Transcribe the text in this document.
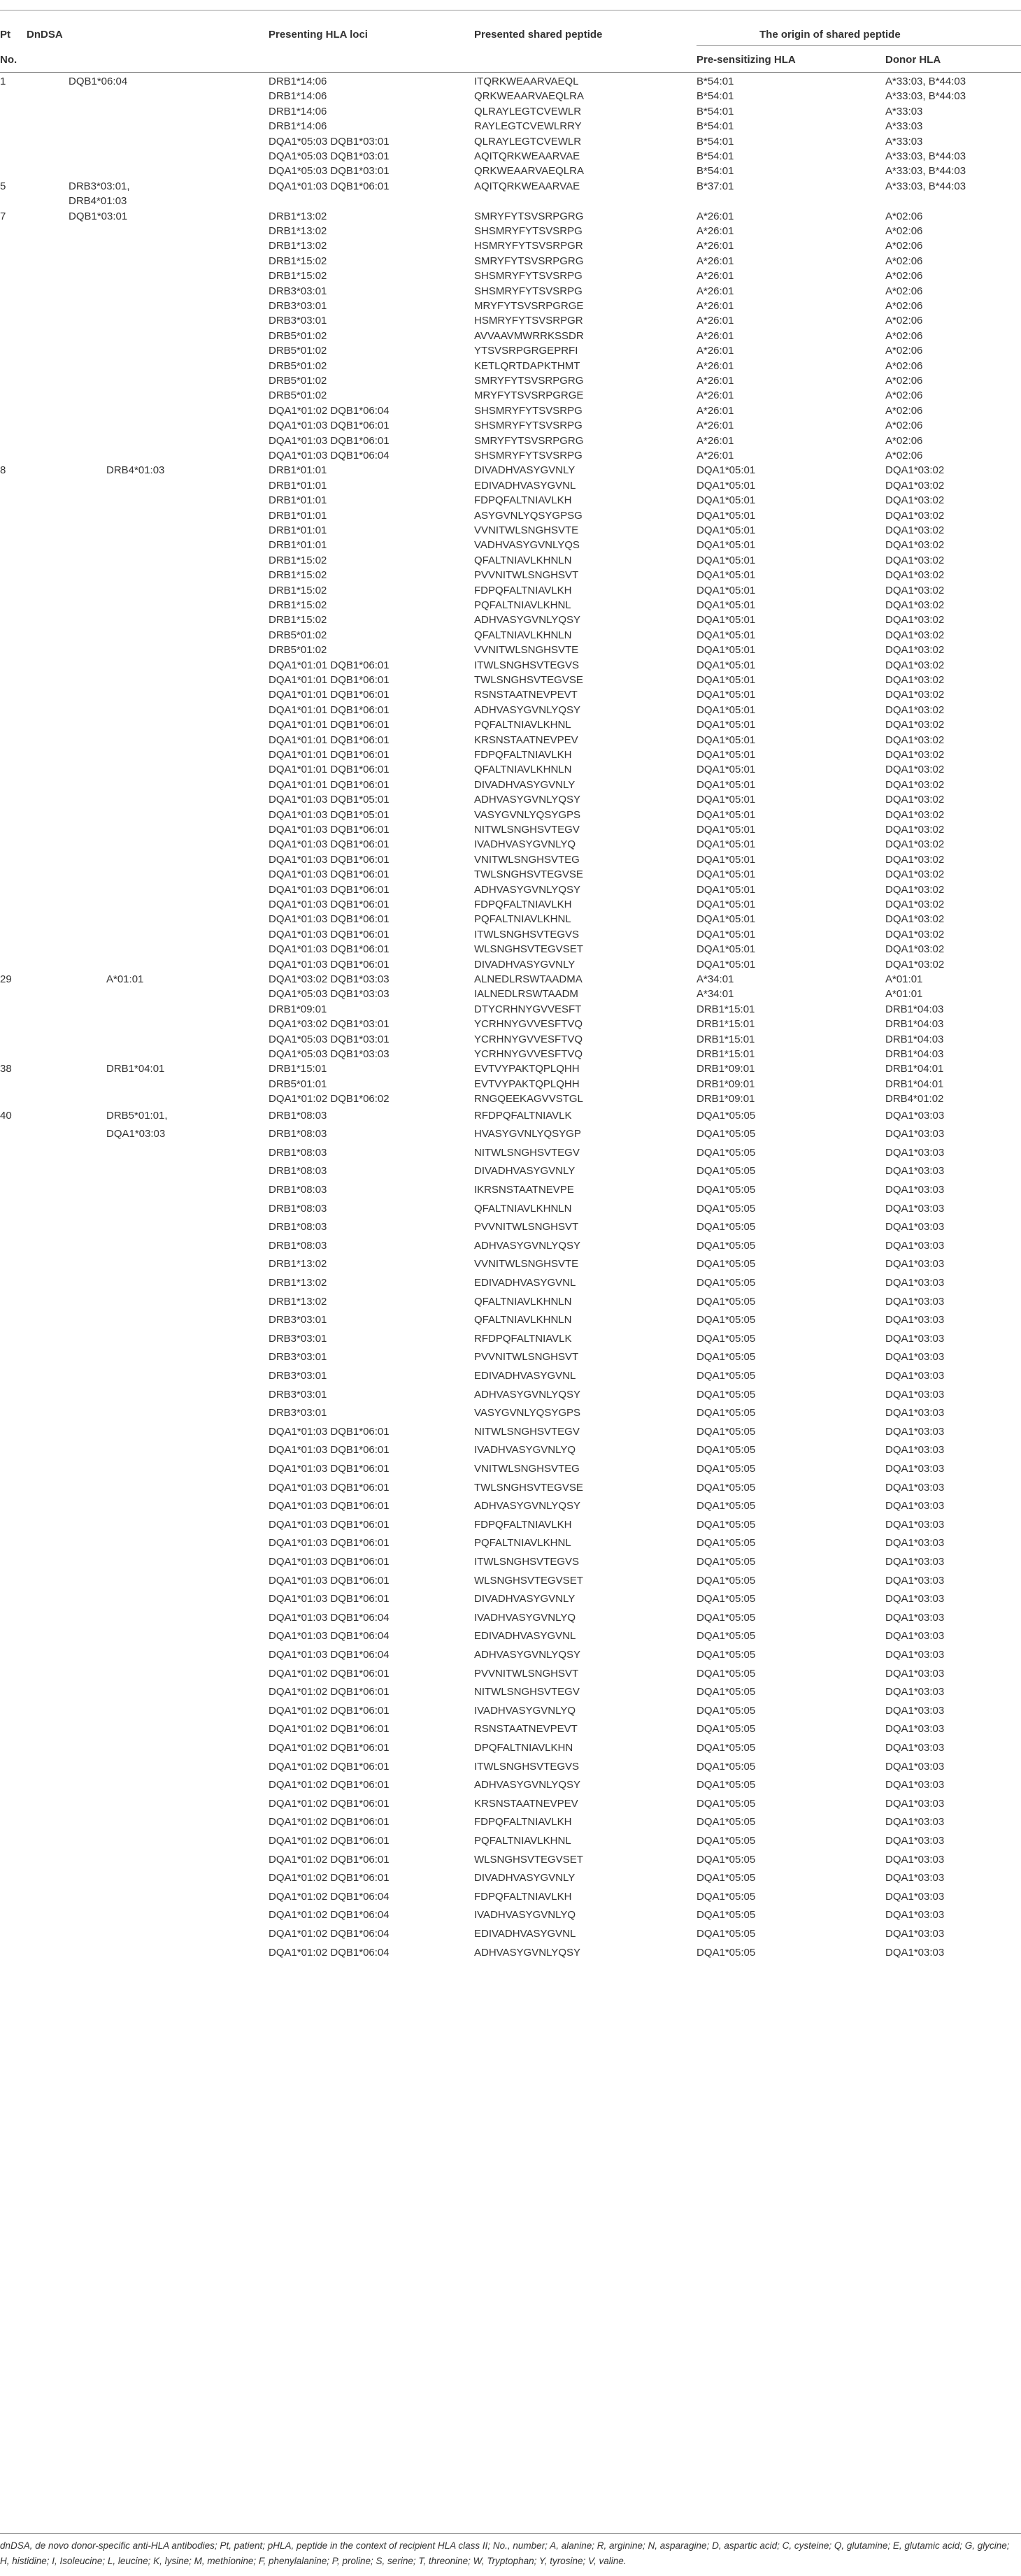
Pt
No.
DnDSA	Presenting HLA loci	Presented shared peptide	The origin of shared peptide
Pre-sensitizing HLA	Donor HLA
1	DQB1*06:04	DRB1*14:06	ITQRKWEAARVAEQL	B*54:01	A*33:03, B*44:03
DRB1*14:06	QRKWEAARVAEQLRA	B*54:01	A*33:03, B*44:03
DRB1*14:06	QLRAYLEGTCVEWLR	B*54:01	A*33:03
DRB1*14:06	RAYLEGTCVEWLRRY	B*54:01	A*33:03
DQA1*05:03 DQB1*03:01	QLRAYLEGTCVEWLR	B*54:01	A*33:03
DQA1*05:03 DQB1*03:01	AQITQRKWEAARVAE	B*54:01	A*33:03, B*44:03
DQA1*05:03 DQB1*03:01	QRKWEAARVAEQLRA	B*54:01	A*33:03, B*44:03
5	DRB3*03:01,	DQA1*01:03 DQB1*06:01	AQITQRKWEAARVAE	B*37:01	A*33:03, B*44:03
DRB4*01:03
7	DQB1*03:01	DRB1*13:02	SMRYFYTSVSRPGRG	A*26:01	A*02:06
DRB1*13:02	SHSMRYFYTSVSRPG	A*26:01	A*02:06
DRB1*13:02	HSMRYFYTSVSRPGR	A*26:01	A*02:06
DRB1*15:02	SMRYFYTSVSRPGRG	A*26:01	A*02:06
DRB1*15:02	SHSMRYFYTSVSRPG	A*26:01	A*02:06
DRB3*03:01	SHSMRYFYTSVSRPG	A*26:01	A*02:06
DRB3*03:01	MRYFYTSVSRPGRGE	A*26:01	A*02:06
DRB3*03:01	HSMRYFYTSVSRPGR	A*26:01	A*02:06
DRB5*01:02	AVVAAVMWRRKSSDR	A*26:01	A*02:06
DRB5*01:02	YTSVSRPGRGEPRFI	A*26:01	A*02:06
DRB5*01:02	KETLQRTDAPKTHMT	A*26:01	A*02:06
DRB5*01:02	SMRYFYTSVSRPGRG	A*26:01	A*02:06
DRB5*01:02	MRYFYTSVSRPGRGE	A*26:01	A*02:06
DQA1*01:02 DQB1*06:04	SHSMRYFYTSVSRPG	A*26:01	A*02:06
DQA1*01:03 DQB1*06:01	SHSMRYFYTSVSRPG	A*26:01	A*02:06
DQA1*01:03 DQB1*06:01	SMRYFYTSVSRPGRG	A*26:01	A*02:06
DQA1*01:03 DQB1*06:04	SHSMRYFYTSVSRPG	A*26:01	A*02:06
8	DRB4*01:03	DRB1*01:01	DIVADHVASYGVNLY	DQA1*05:01	DQA1*03:02
DRB1*01:01	EDIVADHVASYGVNL	DQA1*05:01	DQA1*03:02
DRB1*01:01	FDPQFALTNIAVLKH	DQA1*05:01	DQA1*03:02
DRB1*01:01	ASYGVNLYQSYGPSG	DQA1*05:01	DQA1*03:02
DRB1*01:01	VVNITWLSNGHSVTE	DQA1*05:01	DQA1*03:02
DRB1*01:01	VADHVASYGVNLYQS	DQA1*05:01	DQA1*03:02
DRB1*15:02	QFALTNIAVLKHNLN	DQA1*05:01	DQA1*03:02
DRB1*15:02	PVVNITWLSNGHSVT	DQA1*05:01	DQA1*03:02
DRB1*15:02	FDPQFALTNIAVLKH	DQA1*05:01	DQA1*03:02
DRB1*15:02	PQFALTNIAVLKHNL	DQA1*05:01	DQA1*03:02
DRB1*15:02	ADHVASYGVNLYQSY	DQA1*05:01	DQA1*03:02
DRB5*01:02	QFALTNIAVLKHNLN	DQA1*05:01	DQA1*03:02
DRB5*01:02	VVNITWLSNGHSVTE	DQA1*05:01	DQA1*03:02
DQA1*01:01 DQB1*06:01	ITWLSNGHSVTEGVS	DQA1*05:01	DQA1*03:02
DQA1*01:01 DQB1*06:01	TWLSNGHSVTEGVSE	DQA1*05:01	DQA1*03:02
DQA1*01:01 DQB1*06:01	RSNSTAATNEVPEVT	DQA1*05:01	DQA1*03:02
DQA1*01:01 DQB1*06:01	ADHVASYGVNLYQSY	DQA1*05:01	DQA1*03:02
DQA1*01:01 DQB1*06:01	PQFALTNIAVLKHNL	DQA1*05:01	DQA1*03:02
DQA1*01:01 DQB1*06:01	KRSNSTAATNEVPEV	DQA1*05:01	DQA1*03:02
DQA1*01:01 DQB1*06:01	FDPQFALTNIAVLKH	DQA1*05:01	DQA1*03:02
DQA1*01:01 DQB1*06:01	QFALTNIAVLKHNLN	DQA1*05:01	DQA1*03:02
DQA1*01:01 DQB1*06:01	DIVADHVASYGVNLY	DQA1*05:01	DQA1*03:02
DQA1*01:03 DQB1*05:01	ADHVASYGVNLYQSY	DQA1*05:01	DQA1*03:02
DQA1*01:03 DQB1*05:01	VASYGVNLYQSYGPS	DQA1*05:01	DQA1*03:02
DQA1*01:03 DQB1*06:01	NITWLSNGHSVTEGV	DQA1*05:01	DQA1*03:02
DQA1*01:03 DQB1*06:01	IVADHVASYGVNLYQ	DQA1*05:01	DQA1*03:02
DQA1*01:03 DQB1*06:01	VNITWLSNGHSVTEG	DQA1*05:01	DQA1*03:02
DQA1*01:03 DQB1*06:01	TWLSNGHSVTEGVSE	DQA1*05:01	DQA1*03:02
DQA1*01:03 DQB1*06:01	ADHVASYGVNLYQSY	DQA1*05:01	DQA1*03:02
DQA1*01:03 DQB1*06:01	FDPQFALTNIAVLKH	DQA1*05:01	DQA1*03:02
DQA1*01:03 DQB1*06:01	PQFALTNIAVLKHNL	DQA1*05:01	DQA1*03:02
DQA1*01:03 DQB1*06:01	ITWLSNGHSVTEGVS	DQA1*05:01	DQA1*03:02
DQA1*01:03 DQB1*06:01	WLSNGHSVTEGVSET	DQA1*05:01	DQA1*03:02
DQA1*01:03 DQB1*06:01	DIVADHVASYGVNLY	DQA1*05:01	DQA1*03:02
29	A*01:01	DQA1*03:02 DQB1*03:03	ALNEDLRSWTAADMA	A*34:01	A*01:01
DQA1*05:03 DQB1*03:03	IALNEDLRSWTAADM	A*34:01	A*01:01
DRB1*09:01	DTYCRHNYGVVESFT	DRB1*15:01	DRB1*04:03
DQA1*03:02 DQB1*03:01	YCRHNYGVVESFTVQ	DRB1*15:01	DRB1*04:03
DQA1*05:03 DQB1*03:01	YCRHNYGVVESFTVQ	DRB1*15:01	DRB1*04:03
DQA1*05:03 DQB1*03:03	YCRHNYGVVESFTVQ	DRB1*15:01	DRB1*04:03
38	DRB1*04:01	DRB1*15:01	EVTVYPAKTQPLQHH	DRB1*09:01	DRB1*04:01
DRB5*01:01	EVTVYPAKTQPLQHH	DRB1*09:01	DRB1*04:01
DQA1*01:02 DQB1*06:02	RNGQEEKAGVVSTGL	DRB1*09:01	DRB4*01:02
40	DRB5*01:01,	DRB1*08:03	RFDPQFALTNIAVLK	DQA1*05:05	DQA1*03:03
DQA1*03:03	DRB1*08:03	HVASYGVNLYQSYGP	DQA1*05:05	DQA1*03:03
DRB1*08:03	NITWLSNGHSVTEGV	DQA1*05:05	DQA1*03:03
DRB1*08:03	DIVADHVASYGVNLY	DQA1*05:05	DQA1*03:03
DRB1*08:03	IKRSNSTAATNEVPE	DQA1*05:05	DQA1*03:03
DRB1*08:03	QFALTNIAVLKHNLN	DQA1*05:05	DQA1*03:03
DRB1*08:03	PVVNITWLSNGHSVT	DQA1*05:05	DQA1*03:03
DRB1*08:03	ADHVASYGVNLYQSY	DQA1*05:05	DQA1*03:03
DRB1*13:02	VVNITWLSNGHSVTE	DQA1*05:05	DQA1*03:03
DRB1*13:02	EDIVADHVASYGVNL	DQA1*05:05	DQA1*03:03
DRB1*13:02	QFALTNIAVLKHNLN	DQA1*05:05	DQA1*03:03
DRB3*03:01	QFALTNIAVLKHNLN	DQA1*05:05	DQA1*03:03
DRB3*03:01	RFDPQFALTNIAVLK	DQA1*05:05	DQA1*03:03
DRB3*03:01	PVVNITWLSNGHSVT	DQA1*05:05	DQA1*03:03
DRB3*03:01	EDIVADHVASYGVNL	DQA1*05:05	DQA1*03:03
DRB3*03:01	ADHVASYGVNLYQSY	DQA1*05:05	DQA1*03:03
DRB3*03:01	VASYGVNLYQSYGPS	DQA1*05:05	DQA1*03:03
DQA1*01:03 DQB1*06:01	NITWLSNGHSVTEGV	DQA1*05:05	DQA1*03:03
DQA1*01:03 DQB1*06:01	IVADHVASYGVNLYQ	DQA1*05:05	DQA1*03:03
DQA1*01:03 DQB1*06:01	VNITWLSNGHSVTEG	DQA1*05:05	DQA1*03:03
DQA1*01:03 DQB1*06:01	TWLSNGHSVTEGVSE	DQA1*05:05	DQA1*03:03
DQA1*01:03 DQB1*06:01	ADHVASYGVNLYQSY	DQA1*05:05	DQA1*03:03
DQA1*01:03 DQB1*06:01	FDPQFALTNIAVLKH	DQA1*05:05	DQA1*03:03
DQA1*01:03 DQB1*06:01	PQFALTNIAVLKHNL	DQA1*05:05	DQA1*03:03
DQA1*01:03 DQB1*06:01	ITWLSNGHSVTEGVS	DQA1*05:05	DQA1*03:03
DQA1*01:03 DQB1*06:01	WLSNGHSVTEGVSET	DQA1*05:05	DQA1*03:03
DQA1*01:03 DQB1*06:01	DIVADHVASYGVNLY	DQA1*05:05	DQA1*03:03
DQA1*01:03 DQB1*06:04	IVADHVASYGVNLYQ	DQA1*05:05	DQA1*03:03
DQA1*01:03 DQB1*06:04	EDIVADHVASYGVNL	DQA1*05:05	DQA1*03:03
DQA1*01:03 DQB1*06:04	ADHVASYGVNLYQSY	DQA1*05:05	DQA1*03:03
DQA1*01:02 DQB1*06:01	PVVNITWLSNGHSVT	DQA1*05:05	DQA1*03:03
DQA1*01:02 DQB1*06:01	NITWLSNGHSVTEGV	DQA1*05:05	DQA1*03:03
DQA1*01:02 DQB1*06:01	IVADHVASYGVNLYQ	DQA1*05:05	DQA1*03:03
DQA1*01:02 DQB1*06:01	RSNSTAATNEVPEVT	DQA1*05:05	DQA1*03:03
DQA1*01:02 DQB1*06:01	DPQFALTNIAVLKHN	DQA1*05:05	DQA1*03:03
DQA1*01:02 DQB1*06:01	ITWLSNGHSVTEGVS	DQA1*05:05	DQA1*03:03
DQA1*01:02 DQB1*06:01	ADHVASYGVNLYQSY	DQA1*05:05	DQA1*03:03
DQA1*01:02 DQB1*06:01	KRSNSTAATNEVPEV	DQA1*05:05	DQA1*03:03
DQA1*01:02 DQB1*06:01	FDPQFALTNIAVLKH	DQA1*05:05	DQA1*03:03
DQA1*01:02 DQB1*06:01	PQFALTNIAVLKHNL	DQA1*05:05	DQA1*03:03
DQA1*01:02 DQB1*06:01	WLSNGHSVTEGVSET	DQA1*05:05	DQA1*03:03
DQA1*01:02 DQB1*06:01	DIVADHVASYGVNLY	DQA1*05:05	DQA1*03:03
DQA1*01:02 DQB1*06:04	FDPQFALTNIAVLKH	DQA1*05:05	DQA1*03:03
DQA1*01:02 DQB1*06:04	IVADHVASYGVNLYQ	DQA1*05:05	DQA1*03:03
DQA1*01:02 DQB1*06:04	EDIVADHVASYGVNL	DQA1*05:05	DQA1*03:03
DQA1*01:02 DQB1*06:04	ADHVASYGVNLYQSY	DQA1*05:05	DQA1*03:03
dnDSA, de novo donor-specific anti-HLA antibodies; Pt, patient; pHLA, peptide in the context of recipient HLA class II; No., number; A, alanine; R, arginine; N, asparagine; D, aspartic acid; C, cysteine; Q, glutamine; E, glutamic acid; G, glycine; H, histidine; I, Isoleucine; L, leucine; K, lysine; M, methionine; F, phenylalanine; P, proline; S, serine; T, threonine; W, Tryptophan; Y, tyrosine; V, valine.
